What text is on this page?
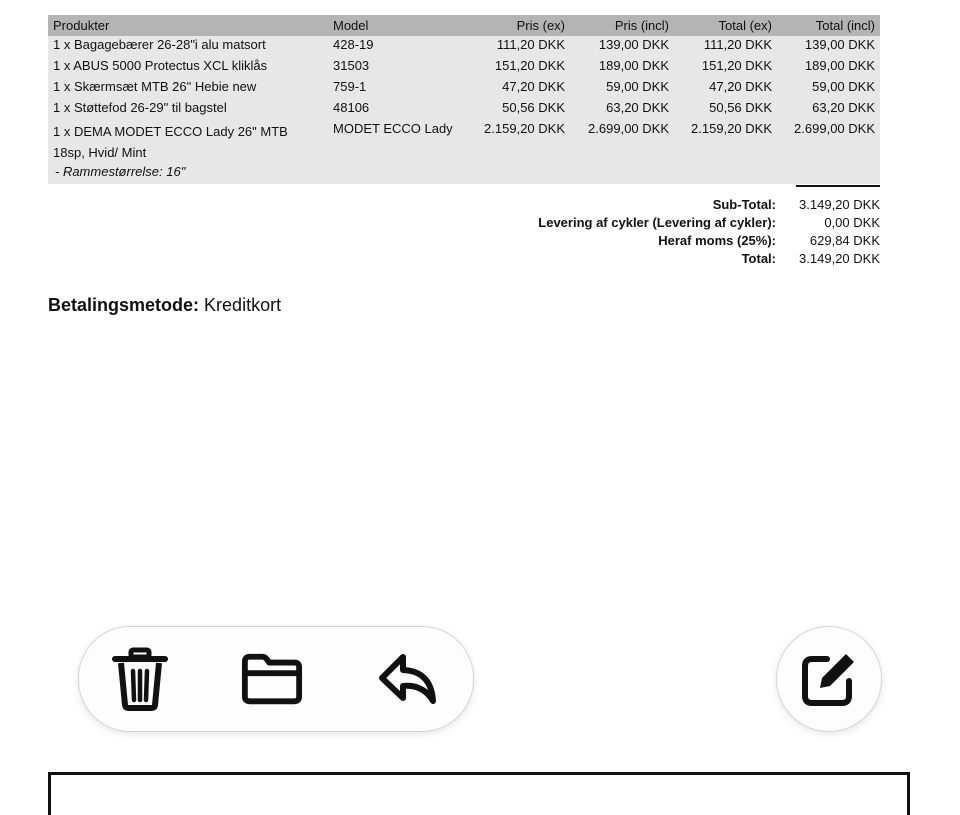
Produkter	Model	Pris (ex)	Pris (incl)	Total (ex)	Total (incl)
1 x Bagagebærer 26-28"i alu matsort	428-19	111,20 DKK	139,00 DKK	111,20 DKK	139,00 DKK
1 x ABUS 5000 Protectus XCL kliklås	31503	151,20 DKK	189,00 DKK	151,20 DKK	189,00 DKK
1 x Skærmsæt MTB 26" Hebie new	759-1	47,20 DKK	59,00 DKK	47,20 DKK	59,00 DKK
1 x Støttefod 26-29" til bagstel	48106	50,56 DKK	63,20 DKK	50,56 DKK	63,20 DKK
1 x DEMA MODET ECCO Lady 26" MTB 18sp, Hvid/ Mint	MODET ECCO Lady	2.159,20 DKK	2.699,00 DKK	2.159,20 DKK	2.699,00 DKK
- Rammestørrelse: 16"					
Sub-Total:	3.149,20 DKK
Levering af cykler (Levering af cykler):	0,00 DKK
Heraf moms (25%):	629,84 DKK
Total:	3.149,20 DKK
Betalingsmetode: Kreditkort
